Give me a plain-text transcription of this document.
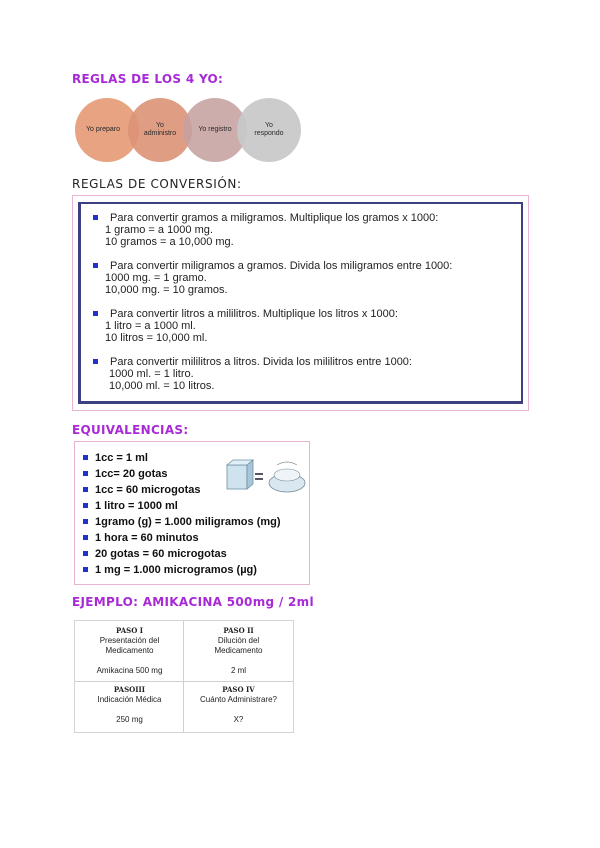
REGLAS DE LOS 4 YO:
Yo preparo
Yo administro
Yo registro
Yo respondo
REGLAS DE CONVERSIÓN:
Para convertir gramos a miligramos. Multiplique los gramos x 1000:
1 gramo = a 1000 mg.
10 gramos = a 10,000 mg.
Para convertir miligramos a gramos. Divida los miligramos entre 1000:
1000 mg. = 1 gramo.
10,000 mg. = 10 gramos.
Para convertir litros a mililitros. Multiplique los litros x 1000:
1 litro = a 1000 ml.
10 litros = 10,000 ml.
Para convertir mililitros a litros. Divida los mililitros entre 1000:
1000 ml. = 1 litro.
10,000 ml. = 10 litros.
EQUIVALENCIAS:
1cc = 1 ml
1cc= 20 gotas
1cc = 60 microgotas
1 litro = 1000 ml
1gramo (g) = 1.000 miligramos (mg)
1 hora = 60 minutos
20 gotas = 60 microgotas
1 mg = 1.000 microgramos (µg)
EJEMPLO: AMIKACINA 500mg / 2ml
PASO I
Presentación del
Medicamento
Amikacina 500 mg
PASO II
Dilución del
Medicamento
2 ml
PASOIII
Indicación Médica
250 mg
PASO IV
Cuánto Administrare?
X?
